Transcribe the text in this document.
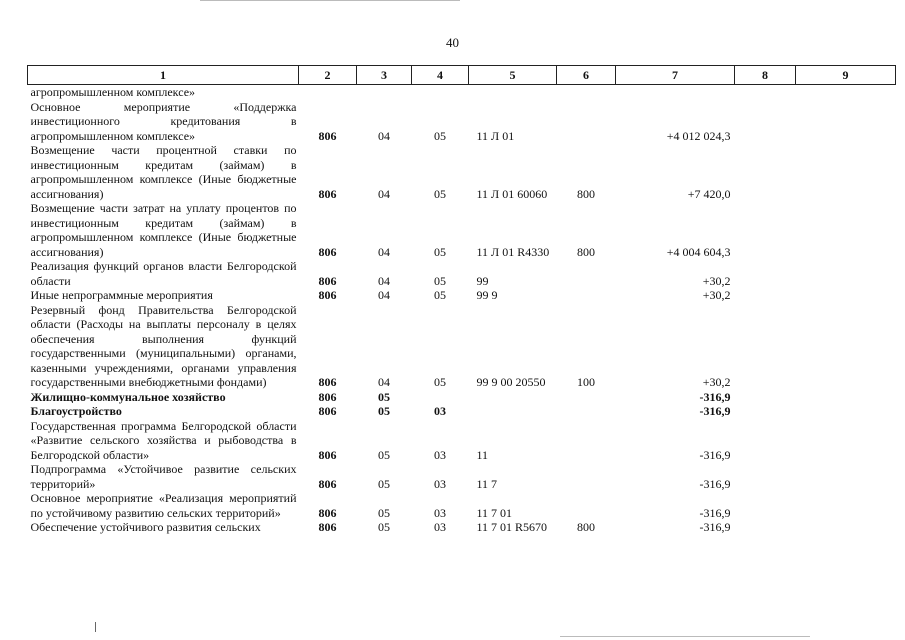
40
1	2	3	4	5	6	7	8	9
агропромышленном комплексе»								
Основное мероприятие «Поддержка инвестиционного кредитования в агропромышленном комплексе»	806	04	05	11 Л 01		+4 012 024,3		
Возмещение части процентной ставки по инвестиционным кредитам (займам) в агропромышленном комплексе (Иные бюджетные ассигнования)	806	04	05	11 Л 01 60060	800	+7 420,0		
Возмещение части затрат на уплату процентов по инвестиционным кредитам (займам) в агропромышленном комплексе (Иные бюджетные ассигнования)	806	04	05	11 Л 01 R4330	800	+4 004 604,3		
Реализация функций органов власти Белгородской области	806	04	05	99		+30,2		
Иные непрограммные мероприятия	806	04	05	99 9		+30,2		
Резервный фонд Правительства Белгородской области (Расходы на выплаты персоналу в целях обеспечения выполнения функций государственными (муниципальными) органами, казенными учреждениями, органами управления государственными внебюджетными фондами)	806	04	05	99 9 00 20550	100	+30,2		
Жилищно-коммунальное хозяйство	806	05				-316,9		
Благоустройство	806	05	03			-316,9		
Государственная программа Белгородской области «Развитие сельского хозяйства и рыбоводства в Белгородской области»	806	05	03	11		-316,9		
Подпрограмма «Устойчивое развитие сельских территорий»	806	05	03	11 7		-316,9		
Основное мероприятие «Реализация мероприятий по устойчивому развитию сельских территорий»	806	05	03	11 7 01		-316,9		
Обеспечение устойчивого развития сельских	806	05	03	11 7 01 R5670	800	-316,9		
